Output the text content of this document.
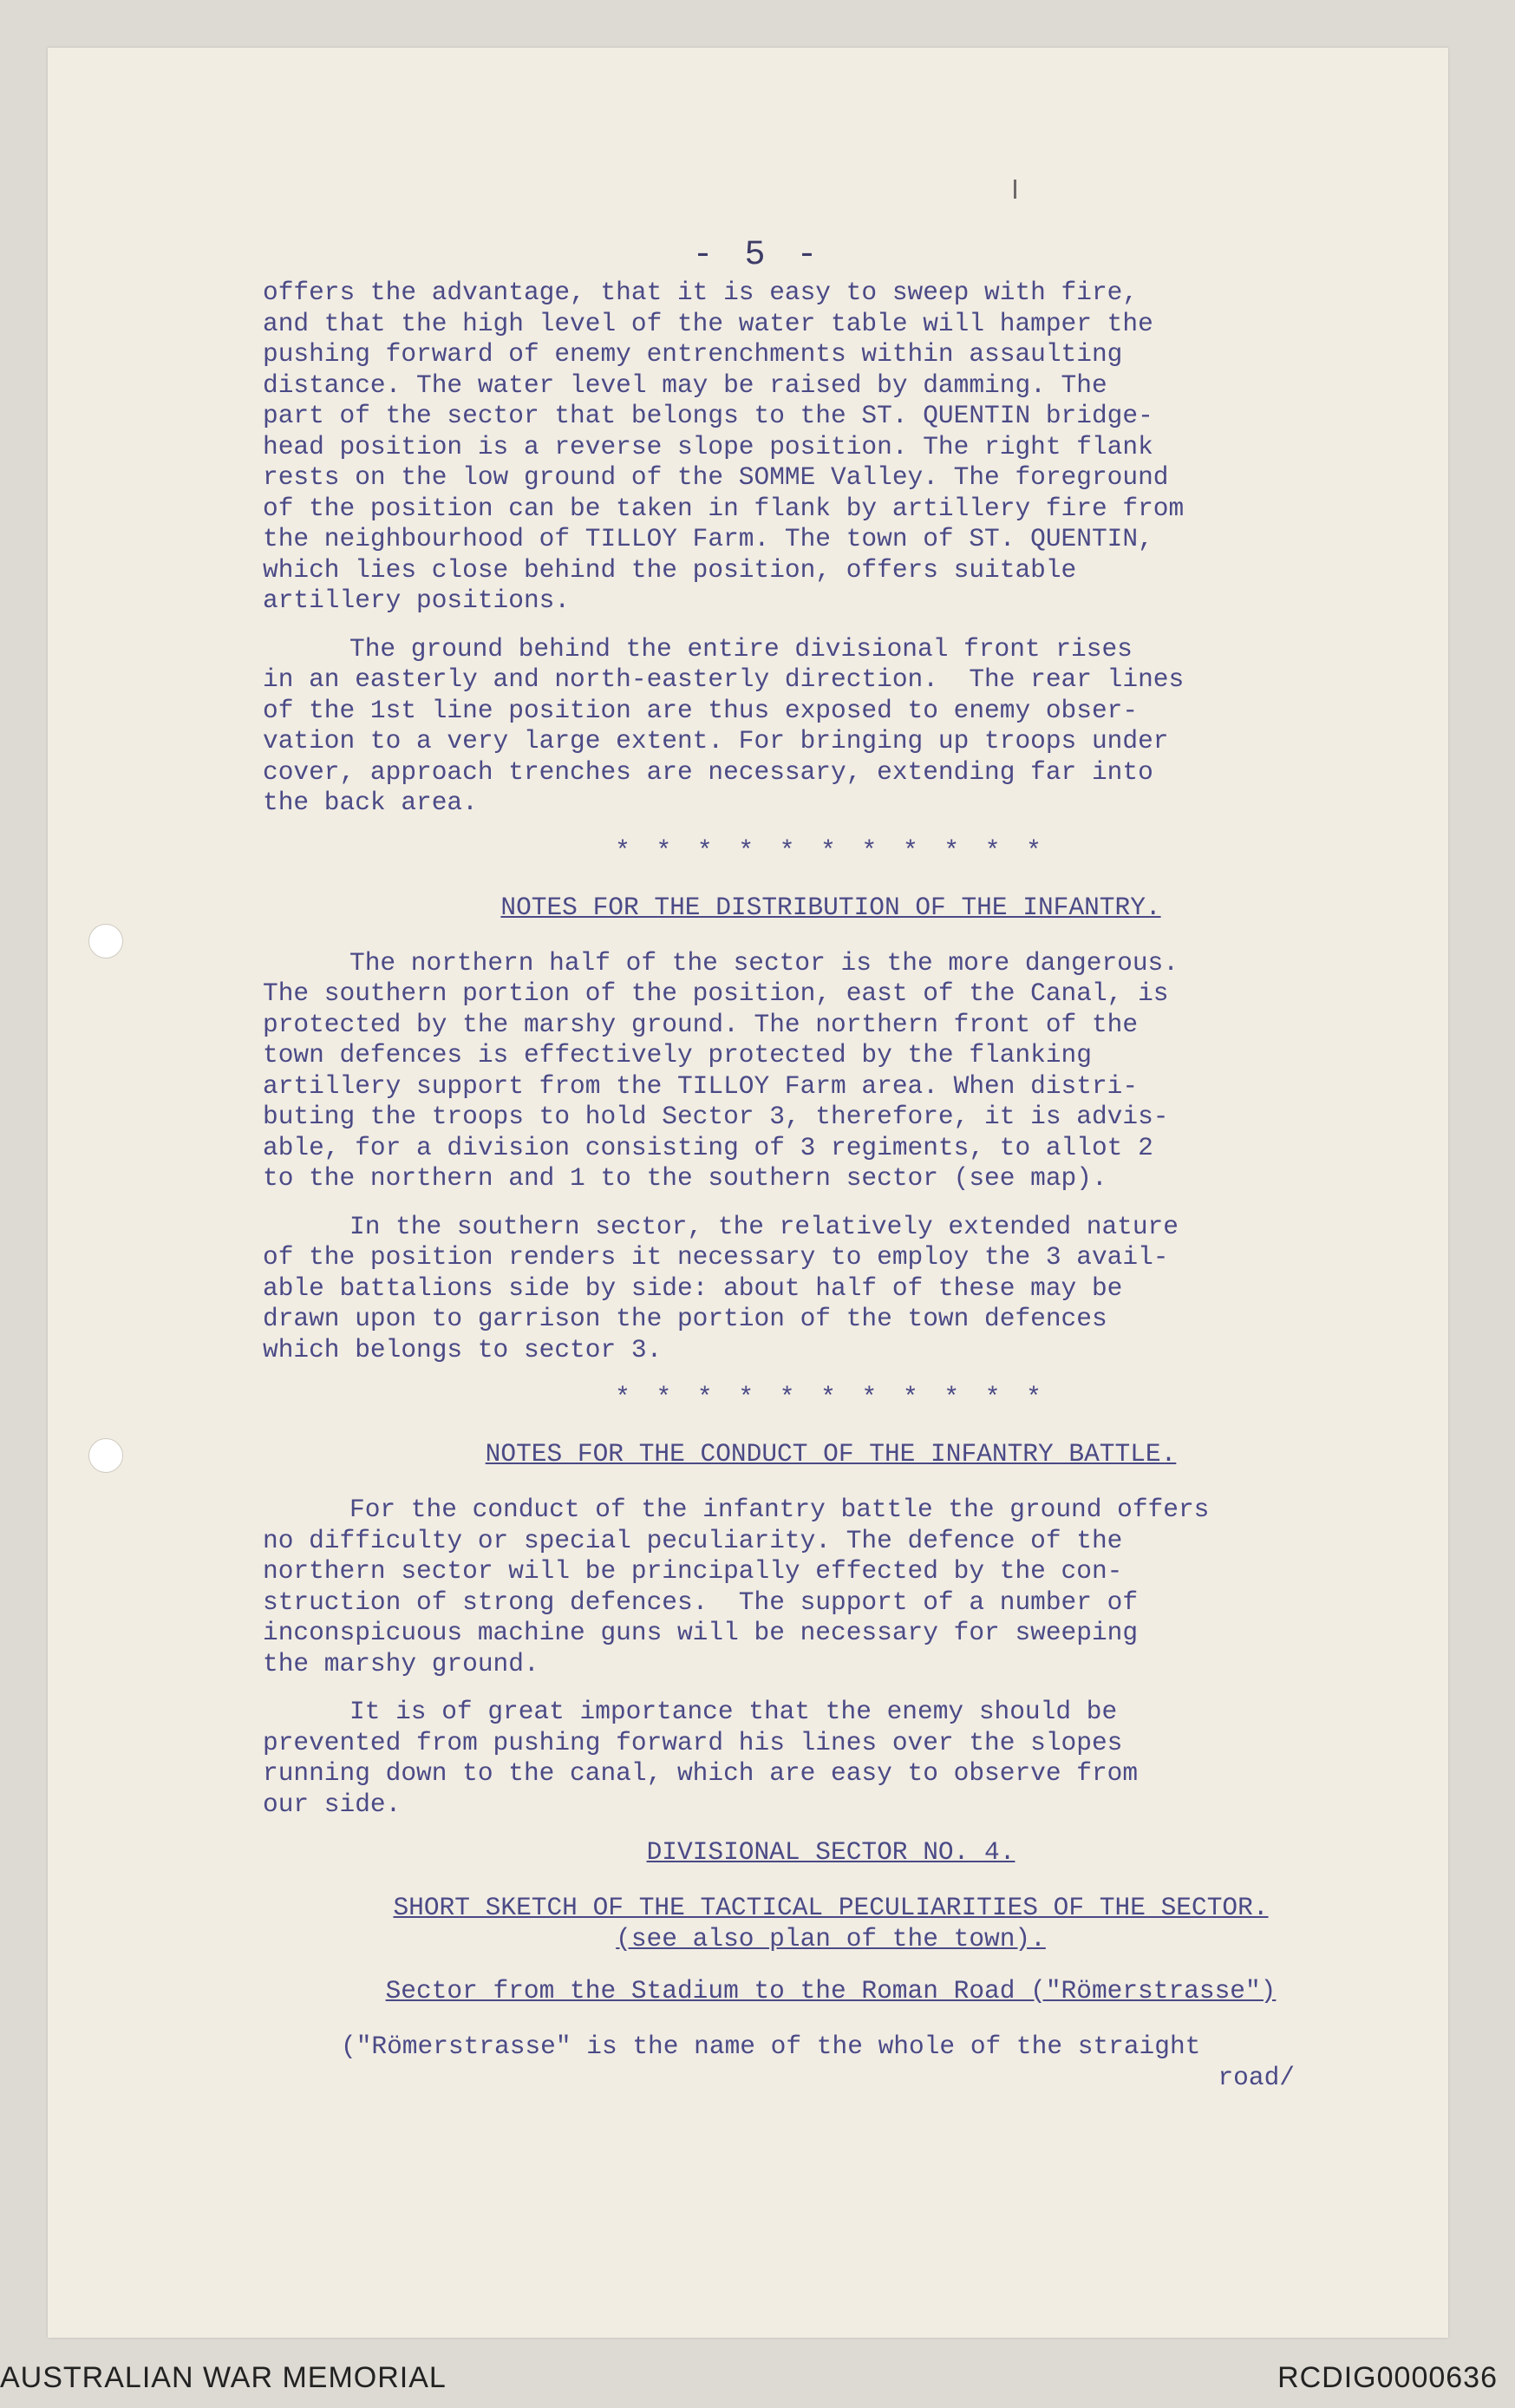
- 5 -
offers the advantage, that it is easy to sweep with fire,
and that the high level of the water table will hamper the
pushing forward of enemy entrenchments within assaulting
distance. The water level may be raised by damming. The
part of the sector that belongs to the ST. QUENTIN bridge-
head position is a reverse slope position. The right flank
rests on the low ground of the SOMME Valley. The foreground
of the position can be taken in flank by artillery fire from
the neighbourhood of TILLOY Farm. The town of ST. QUENTIN,
which lies close behind the position, offers suitable
artillery positions.
The ground behind the entire divisional front rises
in an easterly and north-easterly direction.  The rear lines
of the 1st line position are thus exposed to enemy obser-
vation to a very large extent. For bringing up troops under
cover, approach trenches are necessary, extending far into
the back area.
* * * * * * * * * * *
NOTES FOR THE DISTRIBUTION OF THE INFANTRY.
The northern half of the sector is the more dangerous.
The southern portion of the position, east of the Canal, is
protected by the marshy ground. The northern front of the
town defences is effectively protected by the flanking
artillery support from the TILLOY Farm area. When distri-
buting the troops to hold Sector 3, therefore, it is advis-
able, for a division consisting of 3 regiments, to allot 2
to the northern and 1 to the southern sector (see map).
In the southern sector, the relatively extended nature
of the position renders it necessary to employ the 3 avail-
able battalions side by side: about half of these may be
drawn upon to garrison the portion of the town defences
which belongs to sector 3.
* * * * * * * * * * *
NOTES FOR THE CONDUCT OF THE INFANTRY BATTLE.
For the conduct of the infantry battle the ground offers
no difficulty or special peculiarity. The defence of the
northern sector will be principally effected by the con-
struction of strong defences.  The support of a number of
inconspicuous machine guns will be necessary for sweeping
the marshy ground.
It is of great importance that the enemy should be
prevented from pushing forward his lines over the slopes
running down to the canal, which are easy to observe from
our side.
DIVISIONAL SECTOR NO. 4.
SHORT SKETCH OF THE TACTICAL PECULIARITIES OF THE SECTOR.
(see also plan of the town).
Sector from the Stadium to the Roman Road ("Römerstrasse")
("Römerstrasse" is the name of the whole of the straight
road/
AUSTRALIAN WAR MEMORIAL	RCDIG0000636
